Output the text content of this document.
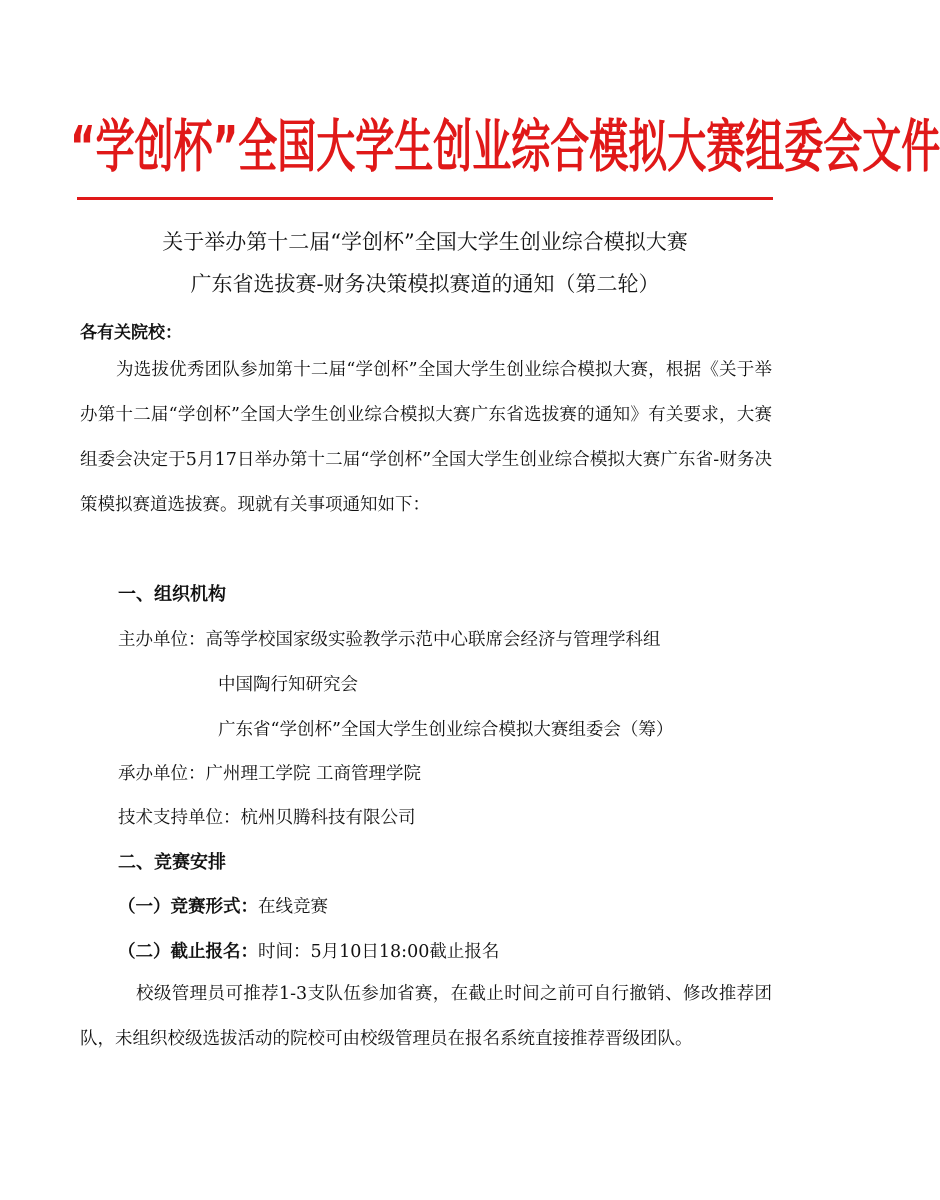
“学创杯”全国大学生创业综合模拟大赛组委会文件
关于举办第十二届“学创杯”全国大学生创业综合模拟大赛
广东省选拔赛-财务决策模拟赛道的通知（第二轮）
各有关院校：
为选拔优秀团队参加第十二届“学创杯”全国大学生创业综合模拟大赛，根据《关于举办第十二届“学创杯”全国大学生创业综合模拟大赛广东省选拔赛的通知》有关要求，大赛组委会决定于5月17日举办第十二届“学创杯”全国大学生创业综合模拟大赛广东省-财务决策模拟赛道选拔赛。现就有关事项通知如下：
一、组织机构
主办单位：高等学校国家级实验教学示范中心联席会经济与管理学科组
中国陶行知研究会
广东省“学创杯”全国大学生创业综合模拟大赛组委会（筹）
承办单位：广州理工学院 工商管理学院
技术支持单位：杭州贝腾科技有限公司
二、竞赛安排
（一）竞赛形式：在线竞赛
（二）截止报名：时间：5月10日18:00截止报名
校级管理员可推荐1-3支队伍参加省赛，在截止时间之前可自行撤销、修改推荐团队，未组织校级选拔活动的院校可由校级管理员在报名系统直接推荐晋级团队。
